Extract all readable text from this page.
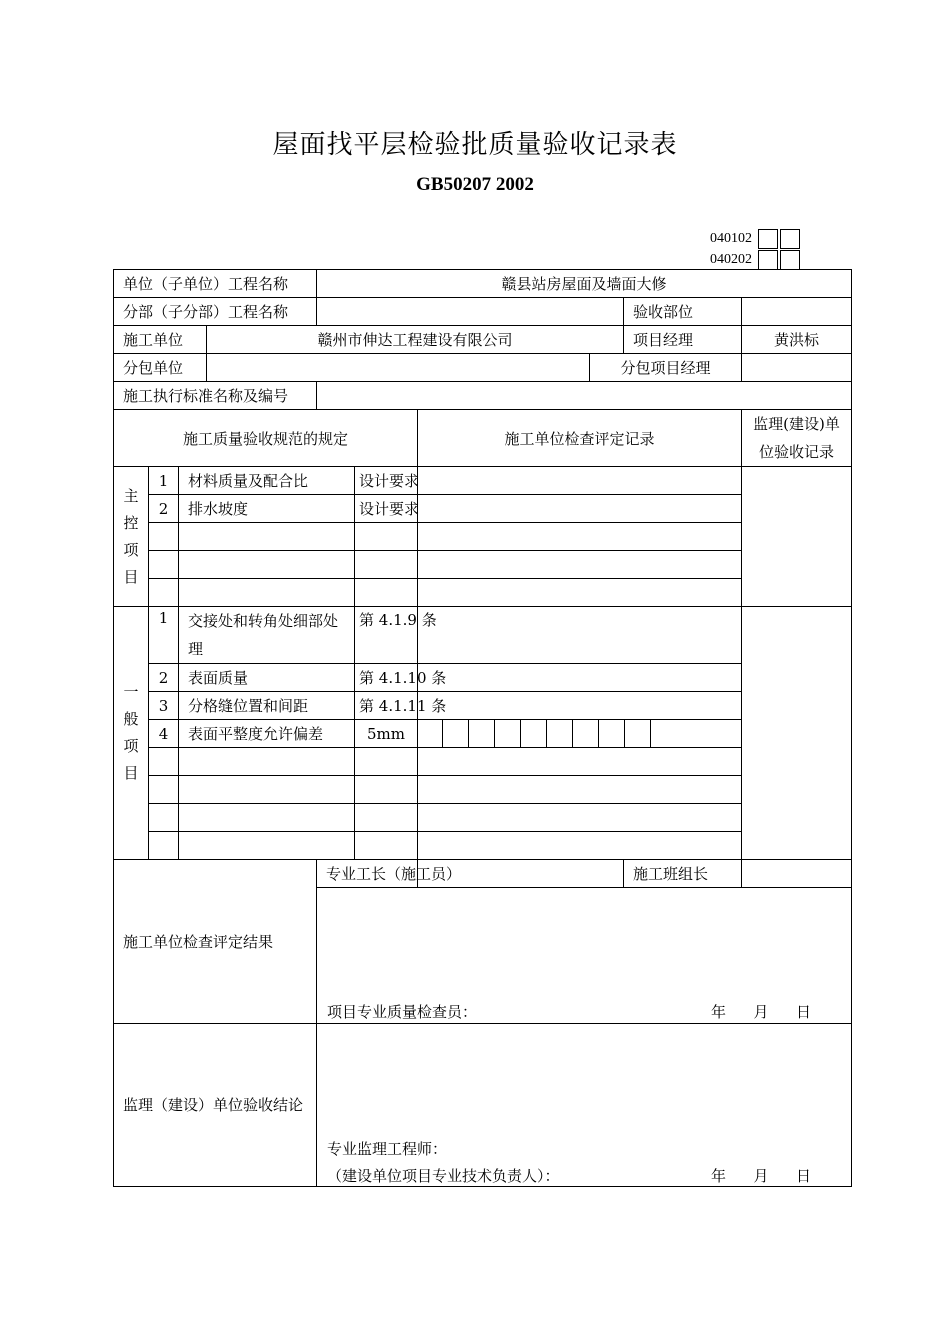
屋面找平层检验批质量验收记录表
GB50207 2002
040102
040202
单位（子单位）工程名称				赣县站房屋面及墙面大修					
分部（子分部）工程名称								验收部位	
施工单位			赣州市伸达工程建设有限公司					项目经理	黄洪标
分包单位							分包项目经理		
施工执行标准名称及编号									
施工质量验收规范的规定						施工单位检查评定记录			监理(建设)单位验收记录
主控项目	1	材料质量及配合比			设计要求				
	2	排水坡度			设计要求				

一般项目	1	交接处和转角处细部处理			第 4.1.9 条				
	2	表面质量			第 4.1.10 条				
	3	分格缝位置和间距			第 4.1.11 条				
	4	表面平整度允许偏差			5mm				

施工单位检查评定结果				专业工长（施工员）				施工班组长	

				项目专业质量检查员： 年 月 日					

监理（建设）单位验收结论				专业监理工程师：
（建设单位项目专业技术负责人）： 年 月 日					
